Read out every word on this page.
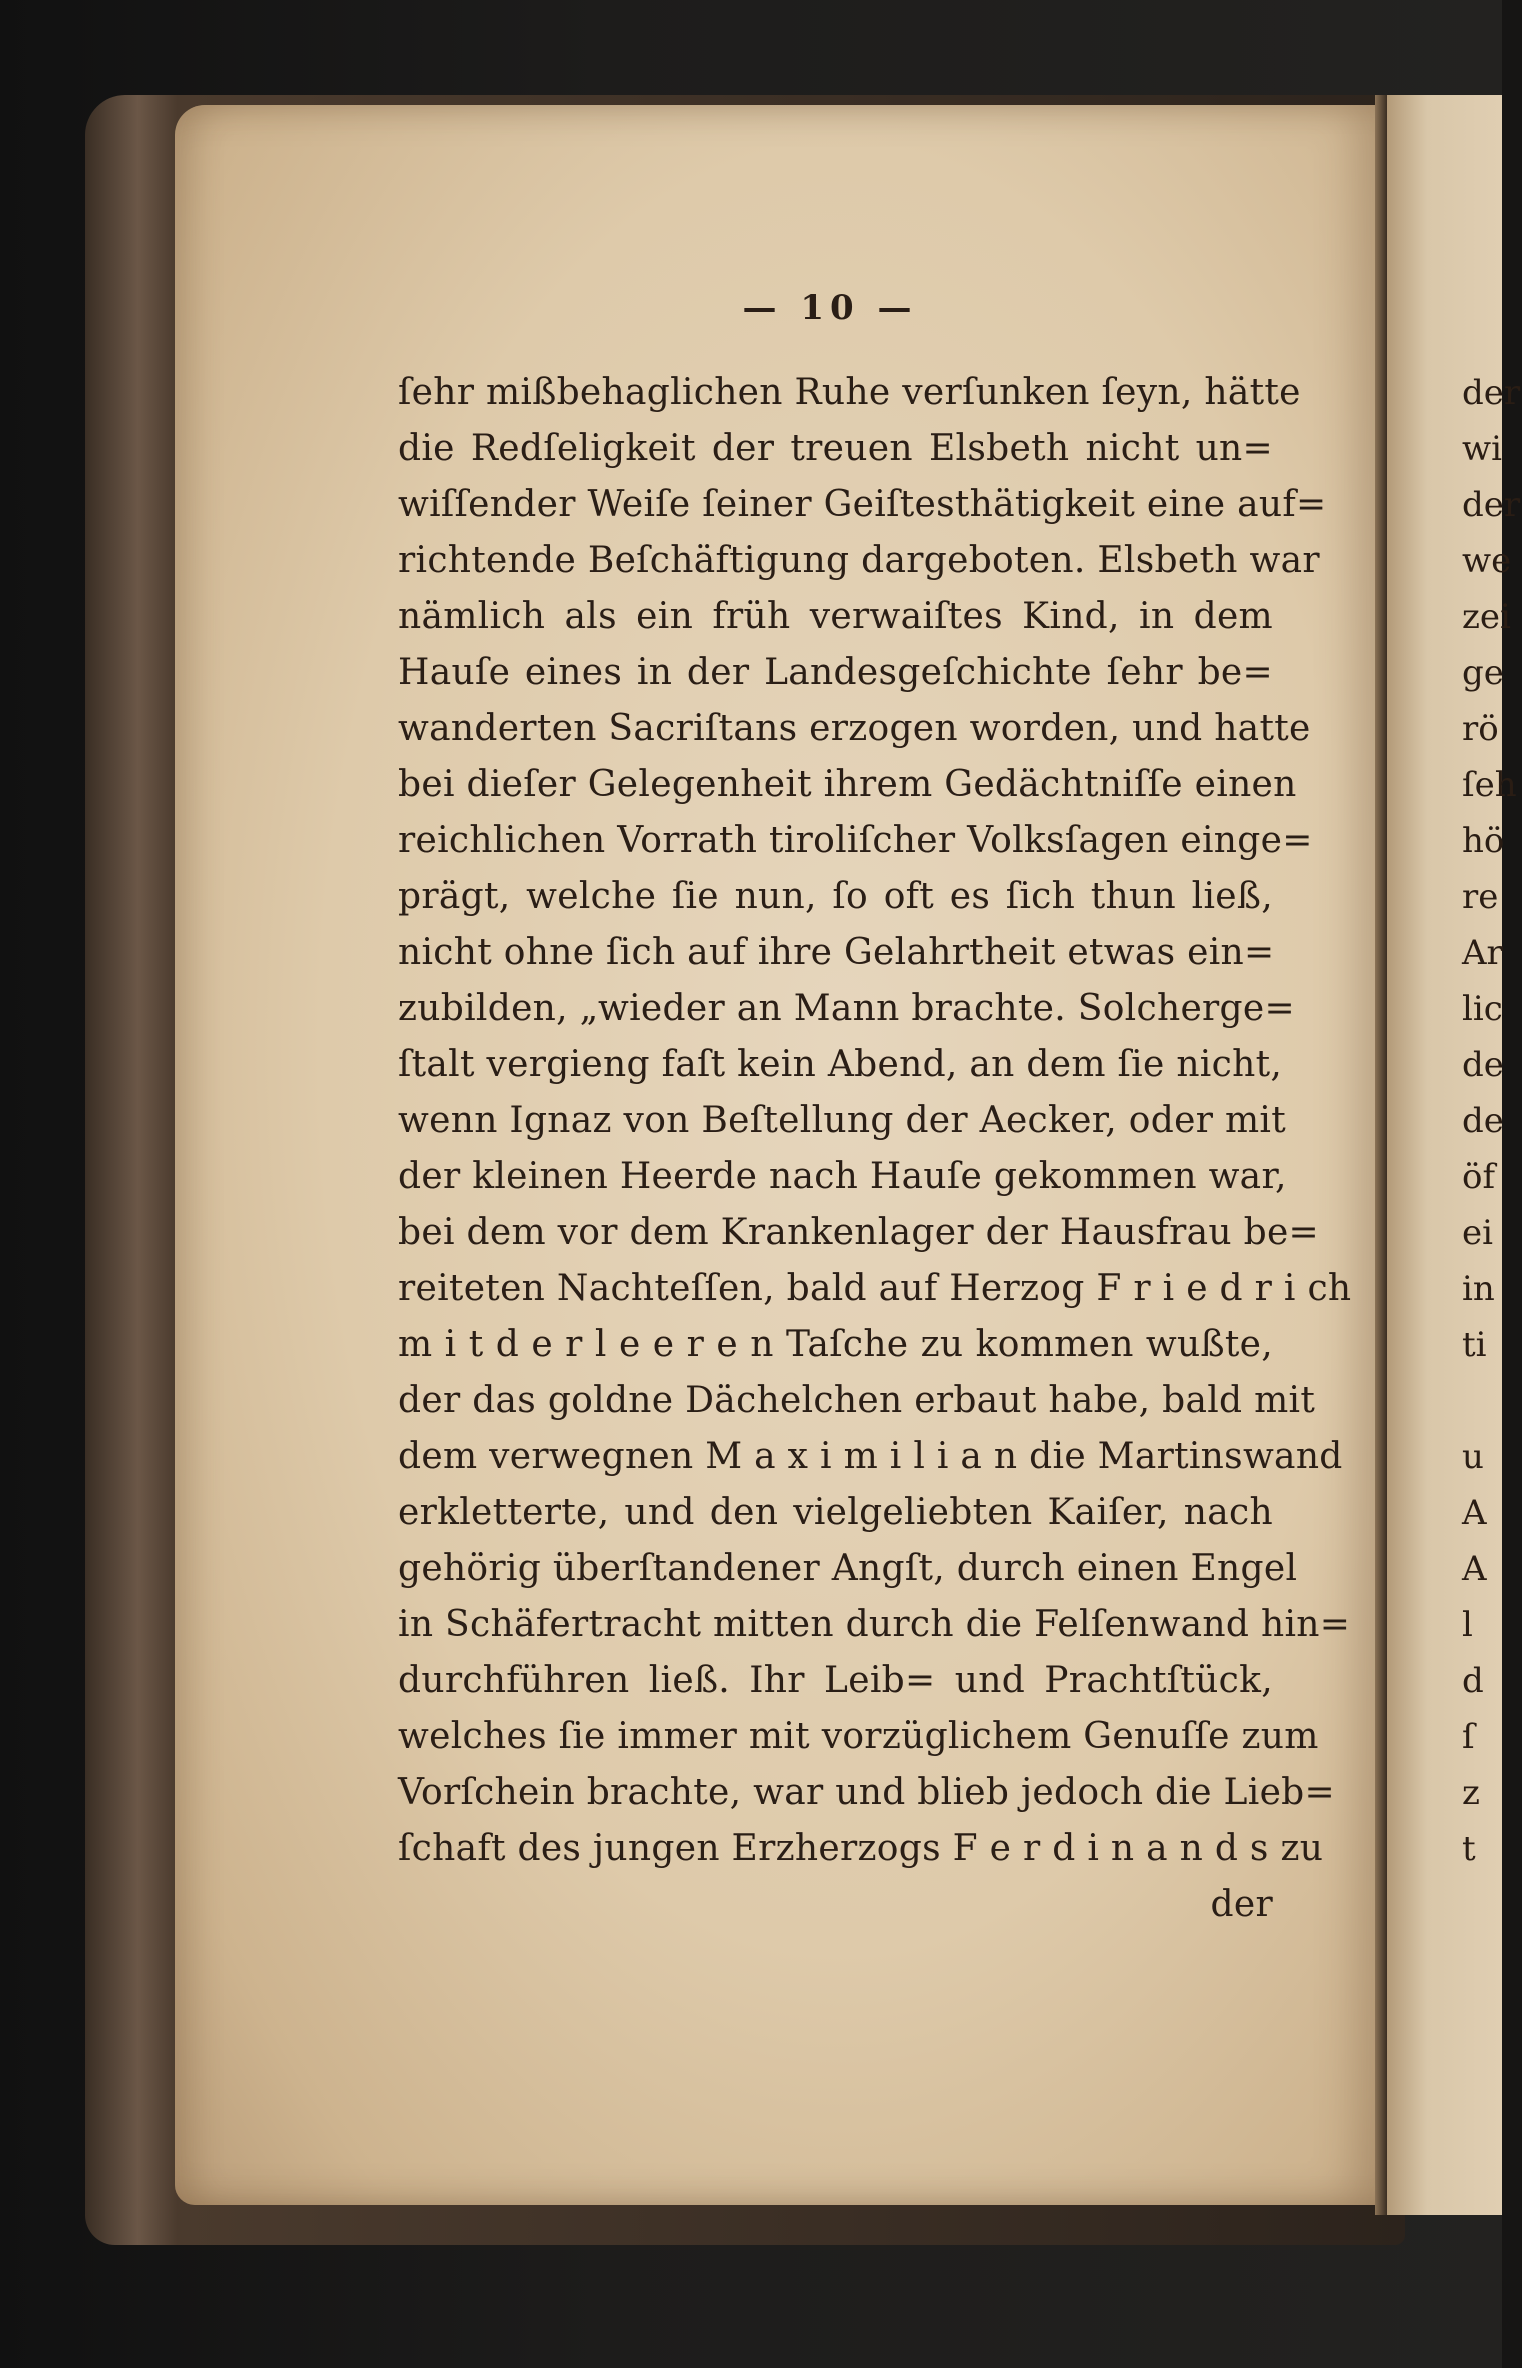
der
wi
der
we
zei
ge
rö
ſeh
hö
re
Ar
lic
de
de
öf
ei
in
ti
u
A
A
l
d
ſ
z
t
— 10 —
ſehr mißbehaglichen Ruhe verſunken ſeyn, hätte
die Redſeligkeit der treuen Elsbeth nicht un=
wiſſender Weiſe ſeiner Geiſtesthätigkeit eine auf=
richtende Beſchäftigung dargeboten. Elsbeth war
nämlich als ein früh verwaiſtes Kind, in dem
Hauſe eines in der Landesgeſchichte ſehr be=
wanderten Sacriſtans erzogen worden, und hatte
bei dieſer Gelegenheit ihrem Gedächtniſſe einen
reichlichen Vorrath tiroliſcher Volksſagen einge=
prägt, welche ſie nun, ſo oft es ſich thun ließ,
nicht ohne ſich auf ihre Gelahrtheit etwas ein=
zubilden, „wieder an Mann brachte. Solcherge=
ſtalt vergieng faſt kein Abend, an dem ſie nicht,
wenn Ignaz von Beſtellung der Aecker, oder mit
der kleinen Heerde nach Hauſe gekommen war,
bei dem vor dem Krankenlager der Hausfrau be=
reiteten Nachteſſen, bald auf Herzog F r i e d r i ch
m i t d e r l e e r e n Taſche zu kommen wußte,
der das goldne Dächelchen erbaut habe, bald mit
dem verwegnen M a x i m i l i a n die Martinswand
erkletterte, und den vielgeliebten Kaiſer, nach
gehörig überſtandener Angſt, durch einen Engel
in Schäfertracht mitten durch die Felſenwand hin=
durchführen ließ. Ihr Leib= und Prachtſtück,
welches ſie immer mit vorzüglichem Genuſſe zum
Vorſchein brachte, war und blieb jedoch die Lieb=
ſchaft des jungen Erzherzogs F e r d i n a n d s zu
der
